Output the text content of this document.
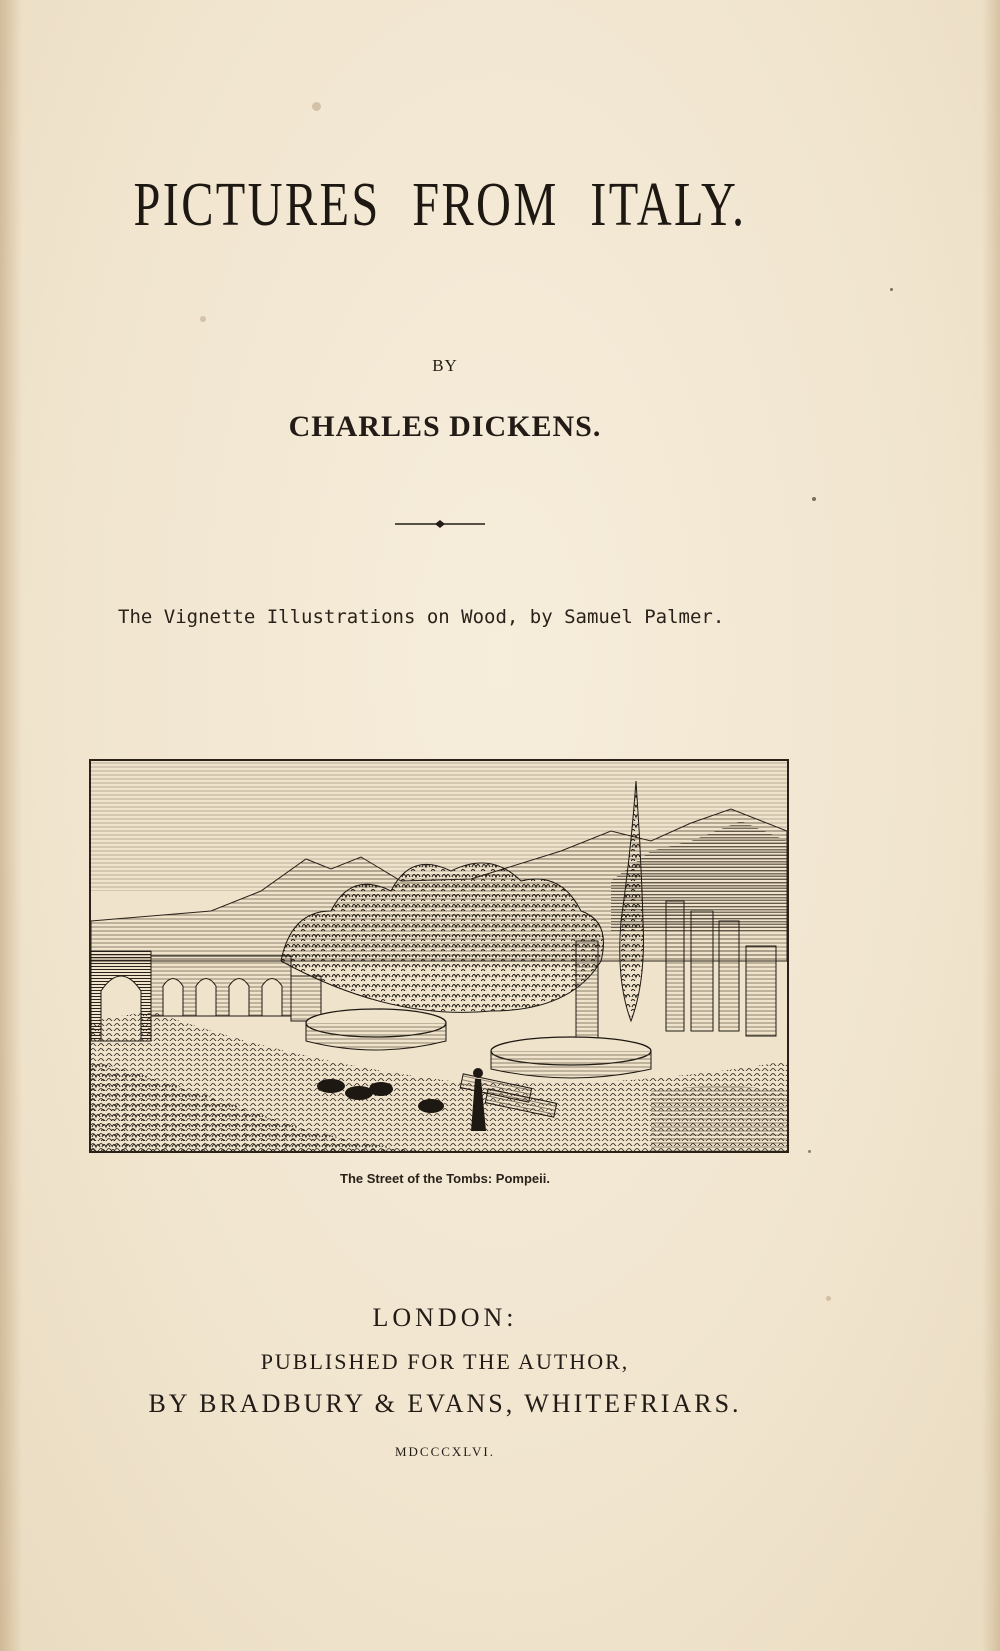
PICTURES FROM ITALY.
BY
CHARLES DICKENS.
The Vignette Illustrations on Wood, by Samuel Palmer.
The Street of the Tombs: Pompeii.
LONDON:
PUBLISHED FOR THE AUTHOR,
BY BRADBURY & EVANS, WHITEFRIARS.
MDCCCXLVI.
